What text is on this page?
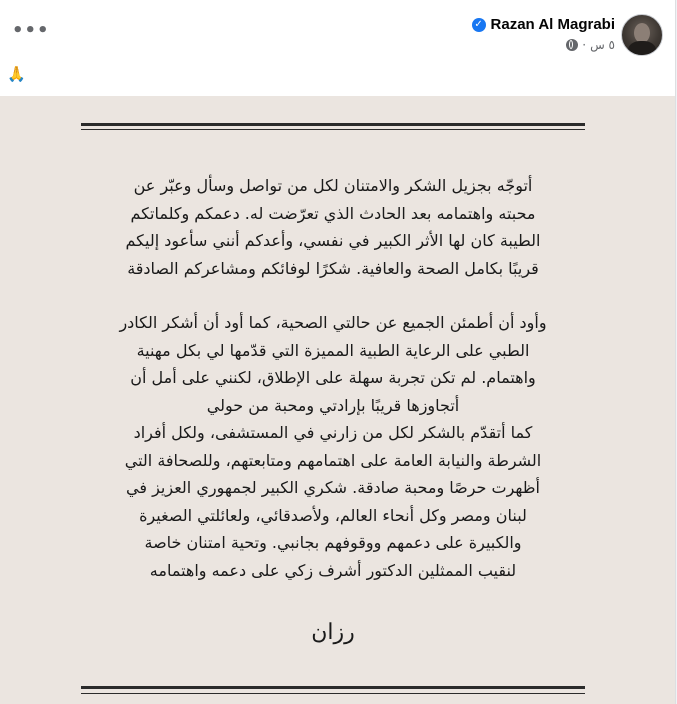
•••	✓ Razan Al Magrabi
· ٥ س
🙏

أتوجّه بجزيل الشكر والامتنان لكل من تواصل وسأل وعبّر عن

محبته واهتمامه بعد الحادث الذي تعرّضت له. دعمكم وكلماتكم

الطيبة كان لها الأثر الكبير في نفسي، وأعدكم أنني سأعود إليكم

قريبًا بكامل الصحة والعافية. شكرًا لوفائكم ومشاعركم الصادقة

وأود أن أطمئن الجميع عن حالتي الصحية، كما أود أن أشكر الكادر

الطبي على الرعاية الطبية المميزة التي قدّمها لي بكل مهنية

واهتمام. لم تكن تجربة سهلة على الإطلاق، لكنني على أمل أن

أتجاوزها قريبًا بإرادتي ومحبة من حولي

كما أتقدّم بالشكر لكل من زارني في المستشفى، ولكل أفراد

الشرطة والنيابة العامة على اهتمامهم ومتابعتهم، وللصحافة التي

أظهرت حرصًا ومحبة صادقة. شكري الكبير لجمهوري العزيز في

لبنان ومصر وكل أنحاء العالم، ولأصدقائي، ولعائلتي الصغيرة

والكبيرة على دعمهم ووقوفهم بجانبي. وتحية امتنان خاصة

لنقيب الممثلين الدكتور أشرف زكي على دعمه واهتمامه

رزان
